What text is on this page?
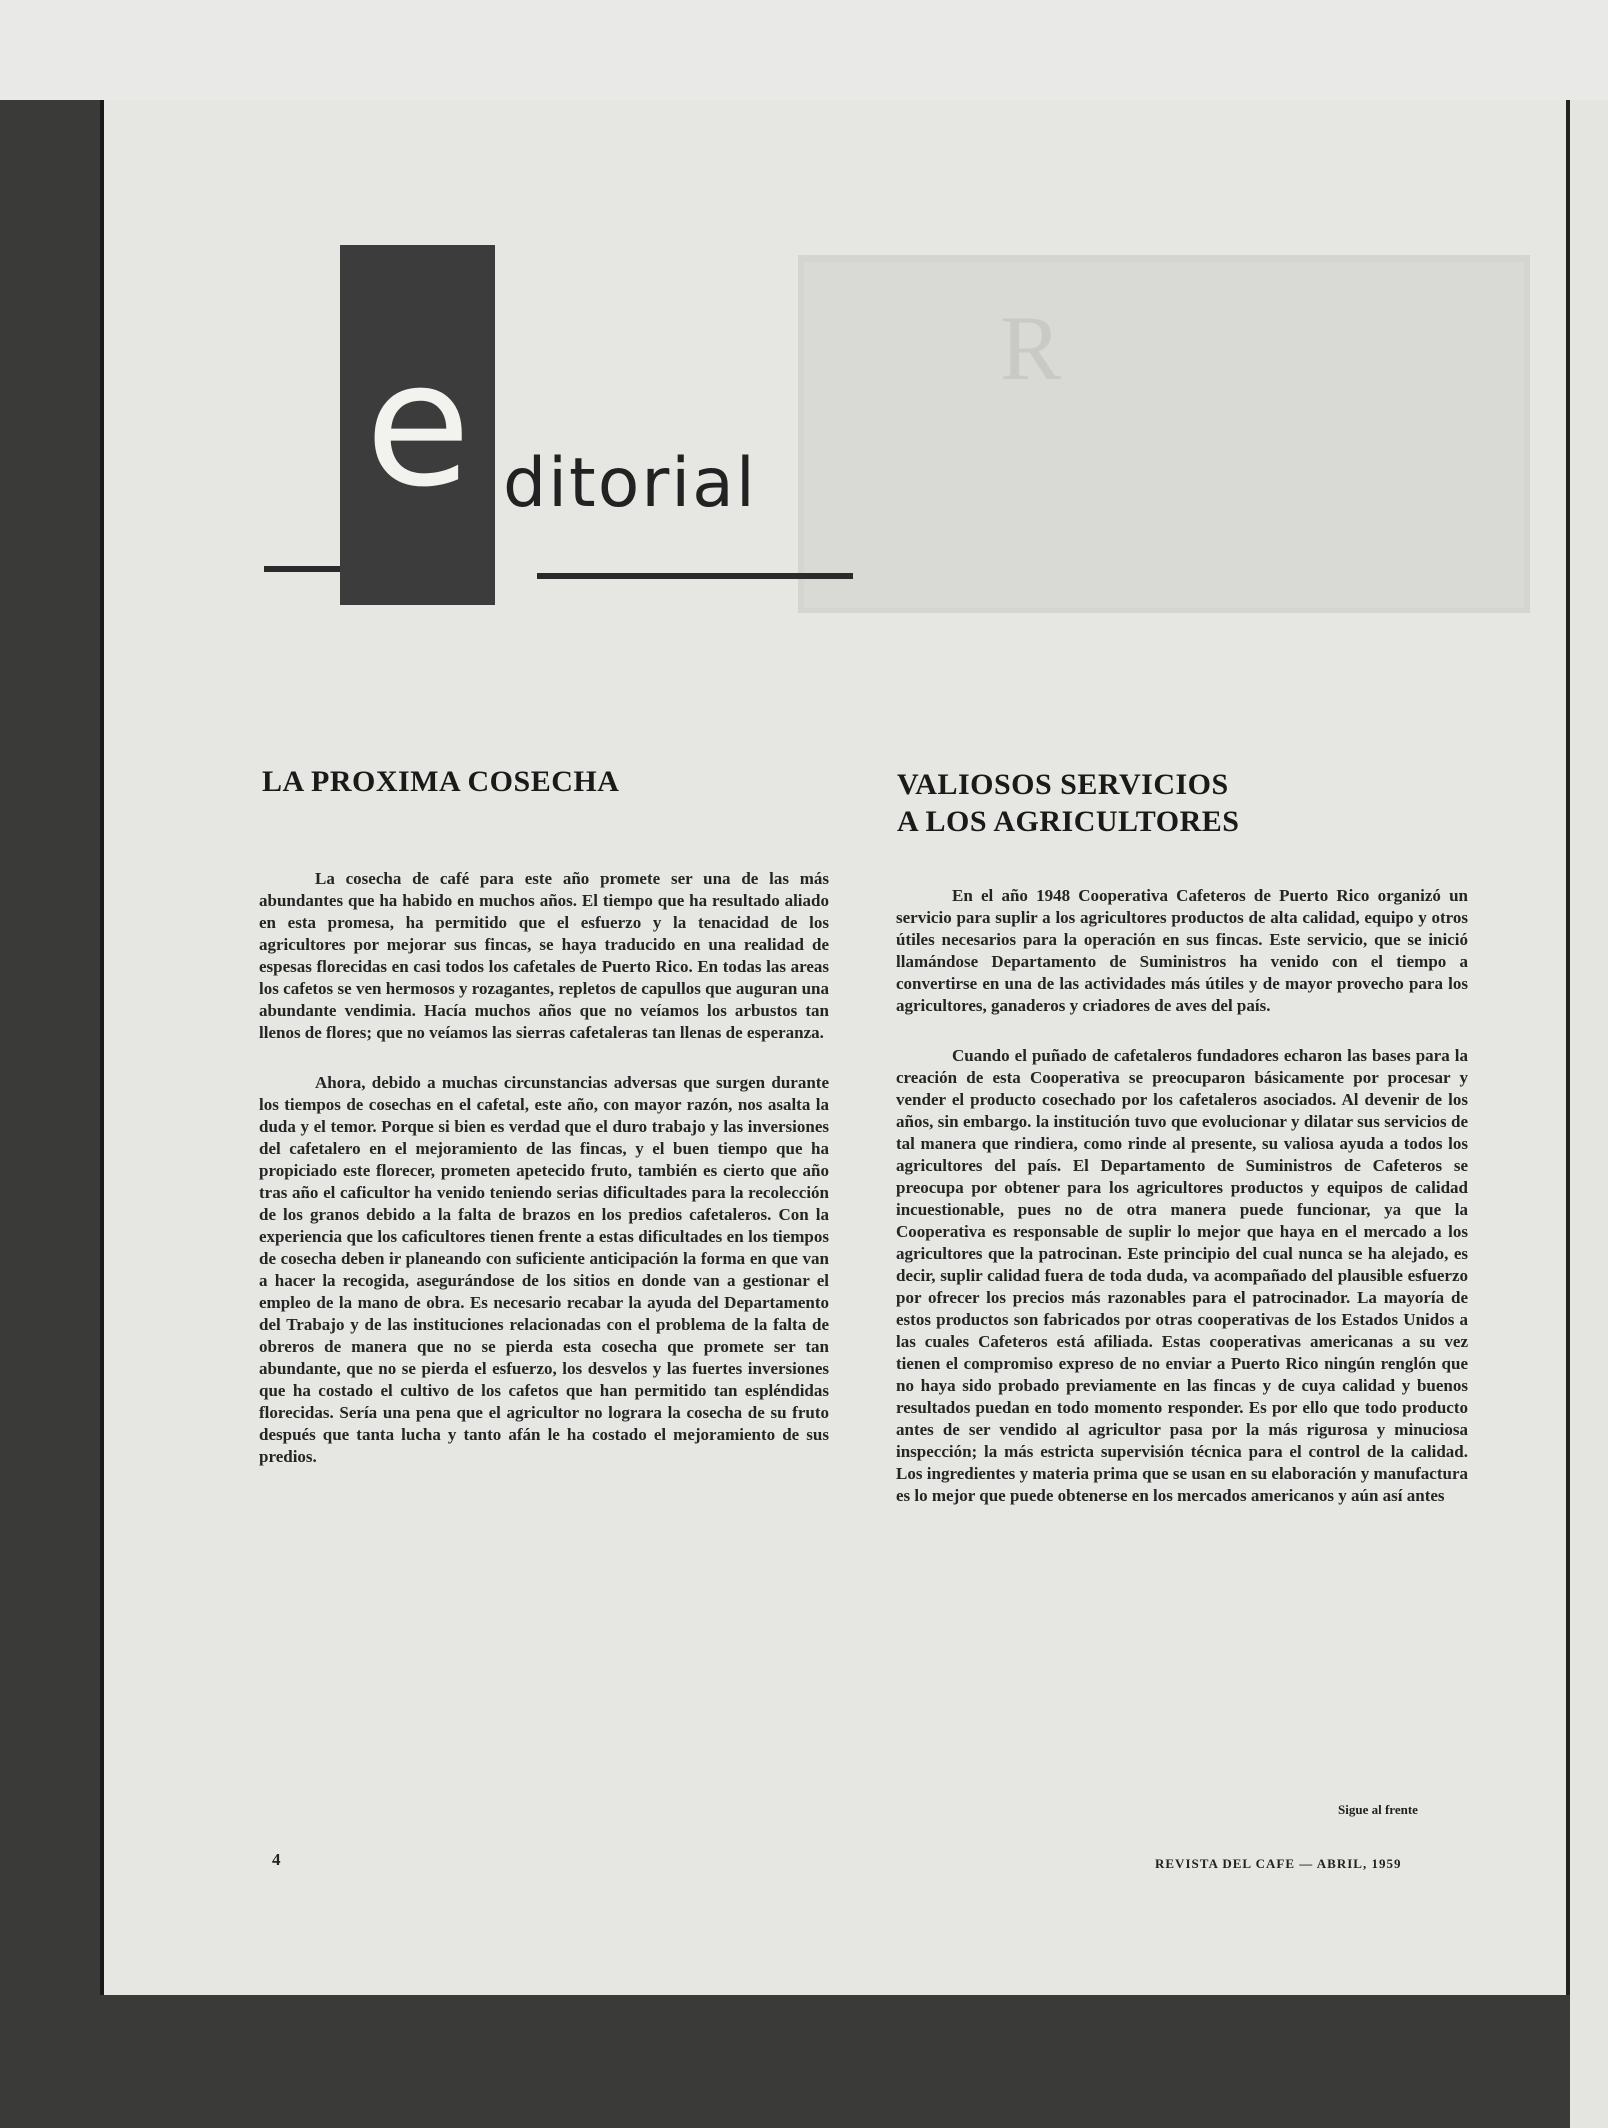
R
e ditorial
LA PROXIMA COSECHA

La cosecha de café para este año promete ser una de las más abundantes que ha habido en muchos años. El tiempo que ha resultado aliado en esta promesa, ha permitido que el esfuerzo y la tenacidad de los agricultores por mejorar sus fincas, se haya traducido en una realidad de espesas florecidas en casi todos los cafetales de Puerto Rico. En todas las areas los cafetos se ven hermosos y rozagantes, repletos de capullos que auguran una abundante vendimia. Hacía muchos años que no veíamos los arbustos tan llenos de flores; que no veíamos las sierras cafetaleras tan llenas de esperanza.

Ahora, debido a muchas circunstancias adversas que surgen durante los tiempos de cosechas en el cafetal, este año, con mayor razón, nos asalta la duda y el temor. Porque si bien es verdad que el duro trabajo y las inversiones del cafetalero en el mejoramiento de las fincas, y el buen tiempo que ha propiciado este florecer, prometen apetecido fruto, también es cierto que año tras año el caficultor ha venido teniendo serias dificultades para la recolección de los granos debido a la falta de brazos en los predios cafetaleros. Con la experiencia que los caficultores tienen frente a estas dificultades en los tiempos de cosecha deben ir planeando con suficiente anticipación la forma en que van a hacer la recogida, asegurándose de los sitios en donde van a gestionar el empleo de la mano de obra. Es necesario recabar la ayuda del Departamento del Trabajo y de las instituciones relacionadas con el problema de la falta de obreros de manera que no se pierda esta cosecha que promete ser tan abundante, que no se pierda el esfuerzo, los desvelos y las fuertes inversiones que ha costado el cultivo de los cafetos que han permitido tan espléndidas florecidas. Sería una pena que el agricultor no lograra la cosecha de su fruto después que tanta lucha y tanto afán le ha costado el mejoramiento de sus predios.

VALIOSOS SERVICIOS
A LOS AGRICULTORES

En el año 1948 Cooperativa Cafeteros de Puerto Rico organizó un servicio para suplir a los agricultores productos de alta calidad, equipo y otros útiles necesarios para la operación en sus fincas. Este servicio, que se inició llamándose Departamento de Suministros ha venido con el tiempo a convertirse en una de las actividades más útiles y de mayor provecho para los agricultores, ganaderos y criadores de aves del país.

Cuando el puñado de cafetaleros fundadores echaron las bases para la creación de esta Cooperativa se preocuparon básicamente por procesar y vender el producto cosechado por los cafetaleros asociados. Al devenir de los años, sin embargo. la institución tuvo que evolucionar y dilatar sus servicios de tal manera que rindiera, como rinde al presente, su valiosa ayuda a todos los agricultores del país. El Departamento de Suministros de Cafeteros se preocupa por obtener para los agricultores productos y equipos de calidad incuestionable, pues no de otra manera puede funcionar, ya que la Cooperativa es responsable de suplir lo mejor que haya en el mercado a los agricultores que la patrocinan. Este principio del cual nunca se ha alejado, es decir, suplir calidad fuera de toda duda, va acompañado del plausible esfuerzo por ofrecer los precios más razonables para el patrocinador. La mayoría de estos productos son fabricados por otras cooperativas de los Estados Unidos a las cuales Cafeteros está afiliada. Estas cooperativas americanas a su vez tienen el compromiso expreso de no enviar a Puerto Rico ningún renglón que no haya sido probado previamente en las fincas y de cuya calidad y buenos resultados puedan en todo momento responder. Es por ello que todo producto antes de ser vendido al agricultor pasa por la más rigurosa y minuciosa inspección; la más estricta supervisión técnica para el control de la calidad. Los ingredientes y materia prima que se usan en su elaboración y manufactura es lo mejor que puede obtenerse en los mercados americanos y aún así antes

Sigue al frente
4	REVISTA DEL CAFE — ABRIL, 1959
